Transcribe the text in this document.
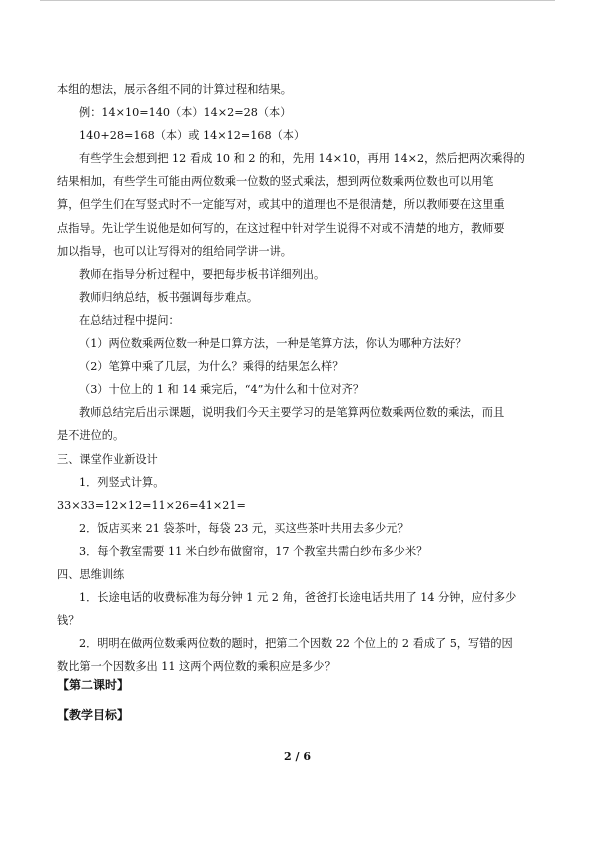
本组的想法，展示各组不同的计算过程和结果。

例：14×10=140（本）14×2=28（本）

140+28=168（本）或 14×12=168（本）

有些学生会想到把 12 看成 10 和 2 的和，先用 14×10，再用 14×2，然后把两次乘得的

结果相加，有些学生可能由两位数乘一位数的竖式乘法，想到两位数乘两位数也可以用笔

算，但学生们在写竖式时不一定能写对，或其中的道理也不是很清楚，所以教师要在这里重

点指导。先让学生说他是如何写的，在这过程中针对学生说得不对或不清楚的地方，教师要

加以指导，也可以让写得对的组给同学讲一讲。

教师在指导分析过程中，要把每步板书详细列出。

教师归纳总结，板书强调每步难点。

在总结过程中提问：

（1）两位数乘两位数一种是口算方法，一种是笔算方法，你认为哪种方法好？

（2）笔算中乘了几层，为什么？乘得的结果怎么样？

（3）十位上的 1 和 14 乘完后，“4”为什么和十位对齐？

教师总结完后出示课题，说明我们今天主要学习的是笔算两位数乘两位数的乘法，而且

是不进位的。

三、课堂作业新设计

1．列竖式计算。

33×33=12×12=11×26=41×21=

2．饭店买来 21 袋茶叶，每袋 23 元，买这些茶叶共用去多少元？

3．每个教室需要 11 米白纱布做窗帘，17 个教室共需白纱布多少米？

四、思维训练

1．长途电话的收费标准为每分钟 1 元 2 角，爸爸打长途电话共用了 14 分钟，应付多少

钱？

2．明明在做两位数乘两位数的题时，把第二个因数 22 个位上的 2 看成了 5，写错的因

数比第一个因数多出 11 这两个两位数的乘积应是多少？

【第二课时】
【教学目标】
2 / 6
